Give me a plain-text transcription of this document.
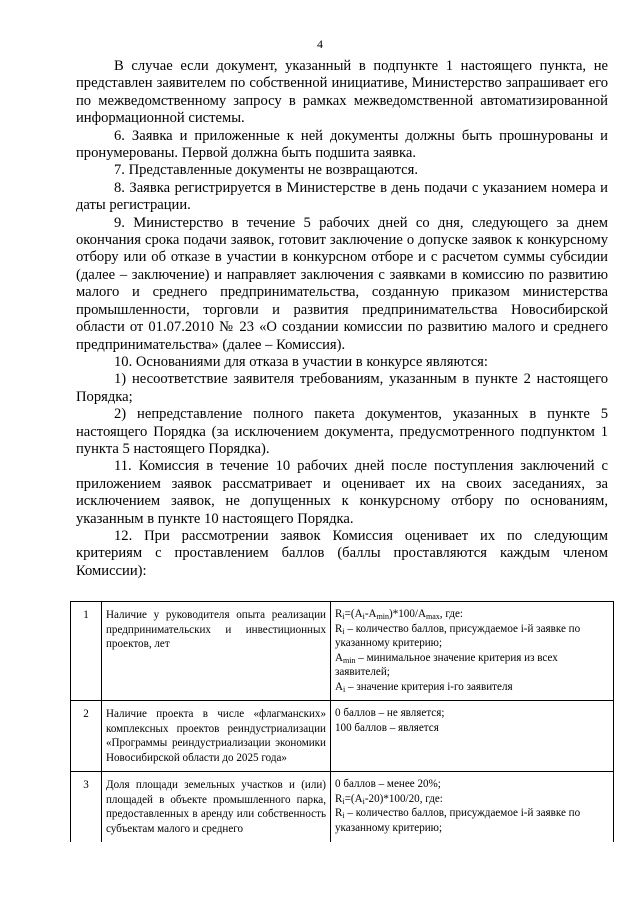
4

В случае если документ, указанный в подпункте 1 настоящего пункта, не представлен заявителем по собственной инициативе, Министерство запрашивает его по межведомственному запросу в рамках межведомственной автоматизированной информационной системы.

6. Заявка и приложенные к ней документы должны быть прошнурованы и пронумерованы. Первой должна быть подшита заявка.

7. Представленные документы не возвращаются.

8. Заявка регистрируется в Министерстве в день подачи с указанием номера и даты регистрации.

9. Министерство в течение 5 рабочих дней со дня, следующего за днем окончания срока подачи заявок, готовит заключение о допуске заявок к конкурсному отбору или об отказе в участии в конкурсном отборе и с расчетом суммы субсидии (далее – заключение) и направляет заключения с заявками в комиссию по развитию малого и среднего предпринимательства, созданную приказом министерства промышленности, торговли и развития предпринимательства Новосибирской области от 01.07.2010 № 23 «О создании комиссии по развитию малого и среднего предпринимательства» (далее – Комиссия).

10. Основаниями для отказа в участии в конкурсе являются:

1) несоответствие заявителя требованиям, указанным в пункте 2 настоящего Порядка;

2) непредставление полного пакета документов, указанных в пункте 5 настоящего Порядка (за исключением документа, предусмотренного подпунктом 1 пункта 5 настоящего Порядка).

11. Комиссия в течение 10 рабочих дней после поступления заключений с приложением заявок рассматривает и оценивает их на своих заседаниях, за исключением заявок, не допущенных к конкурсному отбору по основаниям, указанным в пункте 10 настоящего Порядка.

12. При рассмотрении заявок Комиссия оценивает их по следующим критериям с проставлением баллов (баллы проставляются каждым членом Комиссии):

1	Наличие у руководителя опыта реализации предпринимательских и инвестиционных проектов, лет	$R_i=(A_i-A_{min})*100/A_{max}$, где:
$R_i$ – количество баллов, присуждаемое i-й заявке по указанному критерию;
$A_{min}$ – минимальное значение критерия из всех заявителей;
$A_i$ – значение критерия i-го заявителя

2	Наличие проекта в числе «флагманских» комплексных проектов реиндустриализации «Программы реиндустриализации экономики Новосибирской области до 2025 года»	0 баллов – не является;
100 баллов – является

3	Доля площади земельных участков и (или) площадей в объекте промышленного парка, предоставленных в аренду или собственность субъектам малого и среднего	0 баллов – менее 20%;
$R_i=(A_i-20)*100/20$, где:
$R_i$ – количество баллов, присуждаемое i-й заявке по указанному критерию;
